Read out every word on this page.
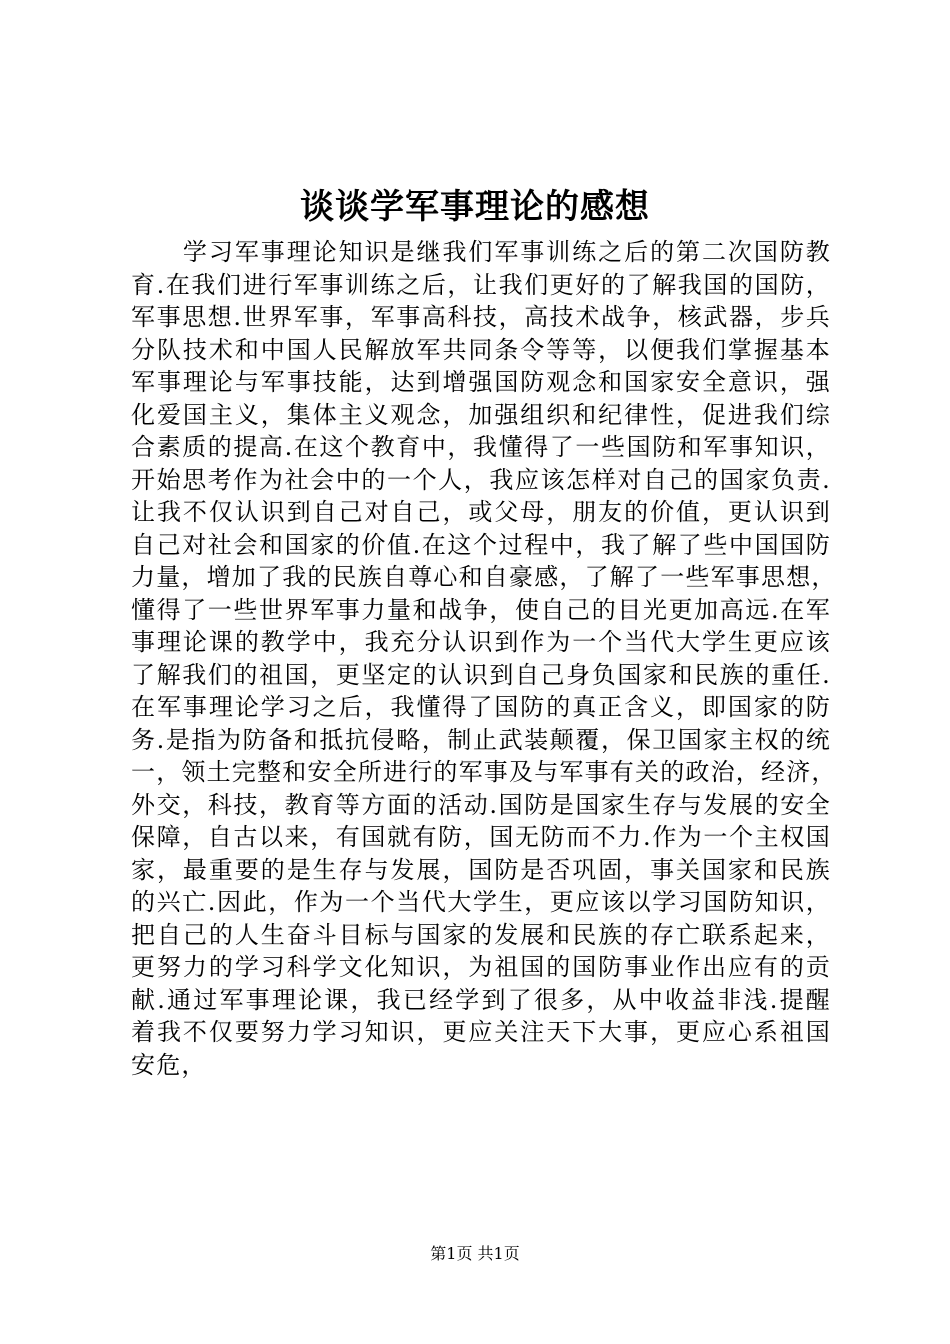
谈谈学军事理论的感想
　　学习军事理论知识是继我们军事训练之后的第二次国防教
育.在我们进行军事训练之后，让我们更好的了解我国的国防，
军事思想.世界军事，军事高科技，高技术战争，核武器，步兵
分队技术和中国人民解放军共同条令等等，以便我们掌握基本
军事理论与军事技能，达到增强国防观念和国家安全意识，强
化爱国主义，集体主义观念，加强组织和纪律性，促进我们综
合素质的提高.在这个教育中，我懂得了一些国防和军事知识，
开始思考作为社会中的一个人，我应该怎样对自己的国家负责.
让我不仅认识到自己对自己，或父母，朋友的价值，更认识到
自己对社会和国家的价值.在这个过程中，我了解了些中国国防
力量，增加了我的民族自尊心和自豪感，了解了一些军事思想，
懂得了一些世界军事力量和战争，使自己的目光更加高远.在军
事理论课的教学中，我充分认识到作为一个当代大学生更应该
了解我们的祖国，更坚定的认识到自己身负国家和民族的重任.
在军事理论学习之后，我懂得了国防的真正含义，即国家的防
务.是指为防备和抵抗侵略，制止武装颠覆，保卫国家主权的统
一，领土完整和安全所进行的军事及与军事有关的政治，经济，
外交，科技，教育等方面的活动.国防是国家生存与发展的安全
保障，自古以来，有国就有防，国无防而不力.作为一个主权国
家，最重要的是生存与发展，国防是否巩固，事关国家和民族
的兴亡.因此，作为一个当代大学生，更应该以学习国防知识，
把自己的人生奋斗目标与国家的发展和民族的存亡联系起来，
更努力的学习科学文化知识，为祖国的国防事业作出应有的贡
献.通过军事理论课，我已经学到了很多，从中收益非浅.提醒
着我不仅要努力学习知识，更应关注天下大事，更应心系祖国
安危，
第1页 共1页
